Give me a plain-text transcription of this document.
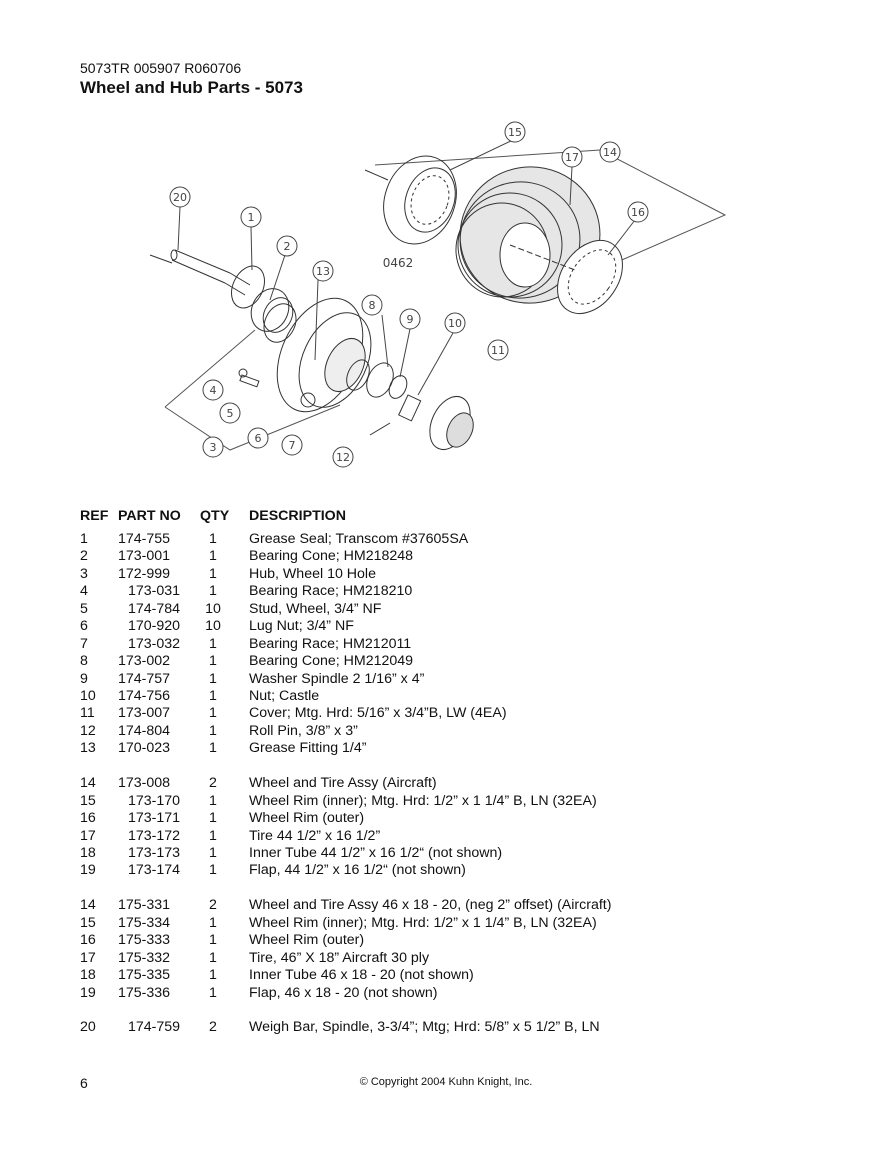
5073TR 005907 R060706
Wheel and Hub Parts - 5073
20
1
2
13
8
9	10
11
15
17 14
16
4
5
6
7
3
12
0462
REF PART NO QTY DESCRIPTION
1 174-755	1	Grease Seal; Transcom #37605SA
2 173-001	1	Bearing Cone; HM218248
3 172-999	1	Hub, Wheel 10 Hole
4	173-031	1	Bearing Race; HM218210
5	174-784	10	Stud, Wheel, 3/4” NF
6	170-920	10	Lug Nut; 3/4” NF
7	173-032	1	Bearing Race; HM212011
8 173-002	1	Bearing Cone; HM212049
9 174-757	1	Washer Spindle 2 1/16” x 4”
10 174-756	1	Nut; Castle
11 173-007	1	Cover; Mtg. Hrd: 5/16” x 3/4”B, LW (4EA)
12 174-804	1	Roll Pin, 3/8” x 3”
13 170-023	1	Grease Fitting 1/4”
14 173-008	2	Wheel and Tire Assy (Aircraft)
15 173-170	1	Wheel Rim (inner); Mtg. Hrd: 1/2” x 1 1/4” B, LN (32EA)
16 173-171	1	Wheel Rim (outer)
17 173-172	1	Tire 44 1/2” x 16 1/2”
18 173-173	1	Inner Tube 44 1/2” x 16 1/2“ (not shown)
19 173-174	1	Flap, 44 1/2” x 16 1/2“ (not shown)
14 175-331	2	Wheel and Tire Assy 46 x 18 - 20, (neg 2” offset) (Aircraft)
15 175-334	1	Wheel Rim (inner); Mtg. Hrd: 1/2” x 1 1/4” B, LN (32EA)
16 175-333	1	Wheel Rim (outer)
17 175-332	1	Tire, 46” X 18” Aircraft 30 ply
18 175-335	1	Inner Tube 46 x 18 - 20 (not shown)
19 175-336	1	Flap, 46 x 18 - 20 (not shown)
20 174-759	2	Weigh Bar, Spindle, 3-3/4”; Mtg; Hrd: 5/8” x 5 1/2” B, LN
6	© Copyright 2004 Kuhn Knight, Inc.
